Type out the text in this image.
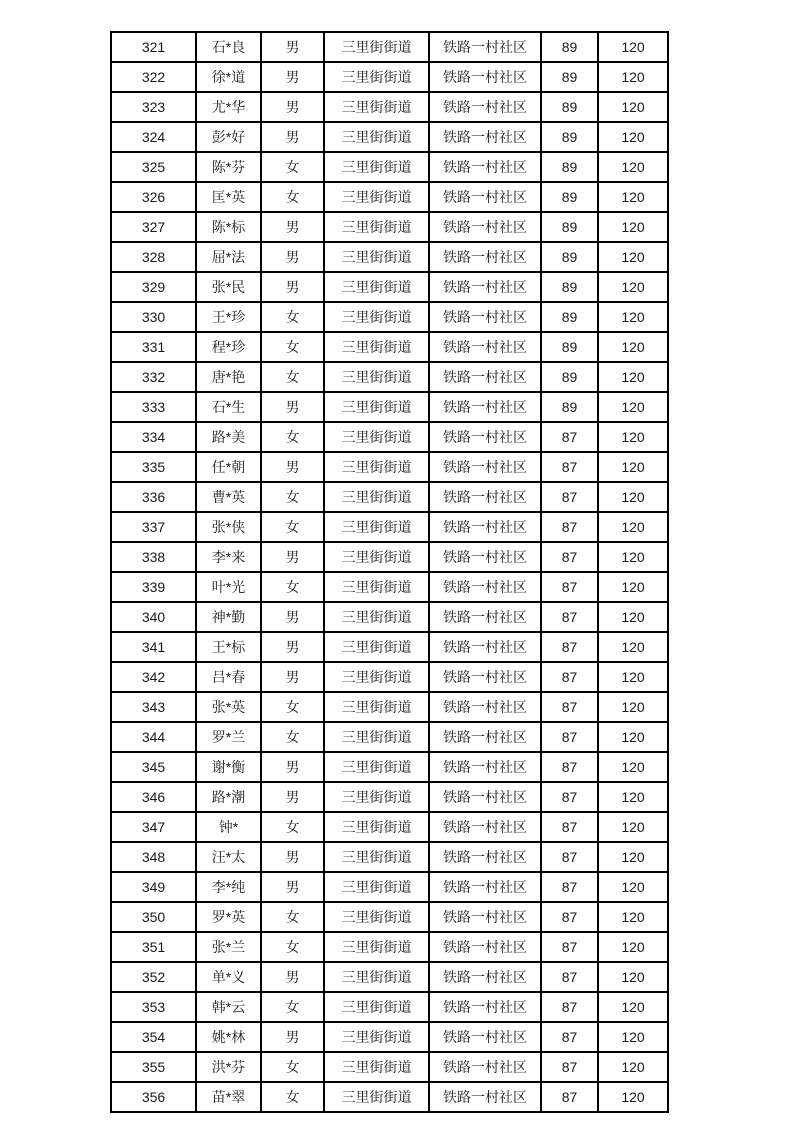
321	石*良	男	三里街街道	铁路一村社区	89	120
322	徐*道	男	三里街街道	铁路一村社区	89	120
323	尤*华	男	三里街街道	铁路一村社区	89	120
324	彭*好	男	三里街街道	铁路一村社区	89	120
325	陈*芬	女	三里街街道	铁路一村社区	89	120
326	匡*英	女	三里街街道	铁路一村社区	89	120
327	陈*标	男	三里街街道	铁路一村社区	89	120
328	屈*法	男	三里街街道	铁路一村社区	89	120
329	张*民	男	三里街街道	铁路一村社区	89	120
330	王*珍	女	三里街街道	铁路一村社区	89	120
331	程*珍	女	三里街街道	铁路一村社区	89	120
332	唐*艳	女	三里街街道	铁路一村社区	89	120
333	石*生	男	三里街街道	铁路一村社区	89	120
334	路*美	女	三里街街道	铁路一村社区	87	120
335	任*朝	男	三里街街道	铁路一村社区	87	120
336	曹*英	女	三里街街道	铁路一村社区	87	120
337	张*侠	女	三里街街道	铁路一村社区	87	120
338	李*来	男	三里街街道	铁路一村社区	87	120
339	叶*光	女	三里街街道	铁路一村社区	87	120
340	神*勤	男	三里街街道	铁路一村社区	87	120
341	王*标	男	三里街街道	铁路一村社区	87	120
342	吕*春	男	三里街街道	铁路一村社区	87	120
343	张*英	女	三里街街道	铁路一村社区	87	120
344	罗*兰	女	三里街街道	铁路一村社区	87	120
345	谢*衡	男	三里街街道	铁路一村社区	87	120
346	路*潮	男	三里街街道	铁路一村社区	87	120
347	钟*	女	三里街街道	铁路一村社区	87	120
348	汪*太	男	三里街街道	铁路一村社区	87	120
349	李*纯	男	三里街街道	铁路一村社区	87	120
350	罗*英	女	三里街街道	铁路一村社区	87	120
351	张*兰	女	三里街街道	铁路一村社区	87	120
352	单*义	男	三里街街道	铁路一村社区	87	120
353	韩*云	女	三里街街道	铁路一村社区	87	120
354	姚*林	男	三里街街道	铁路一村社区	87	120
355	洪*芬	女	三里街街道	铁路一村社区	87	120
356	苗*翠	女	三里街街道	铁路一村社区	87	120
